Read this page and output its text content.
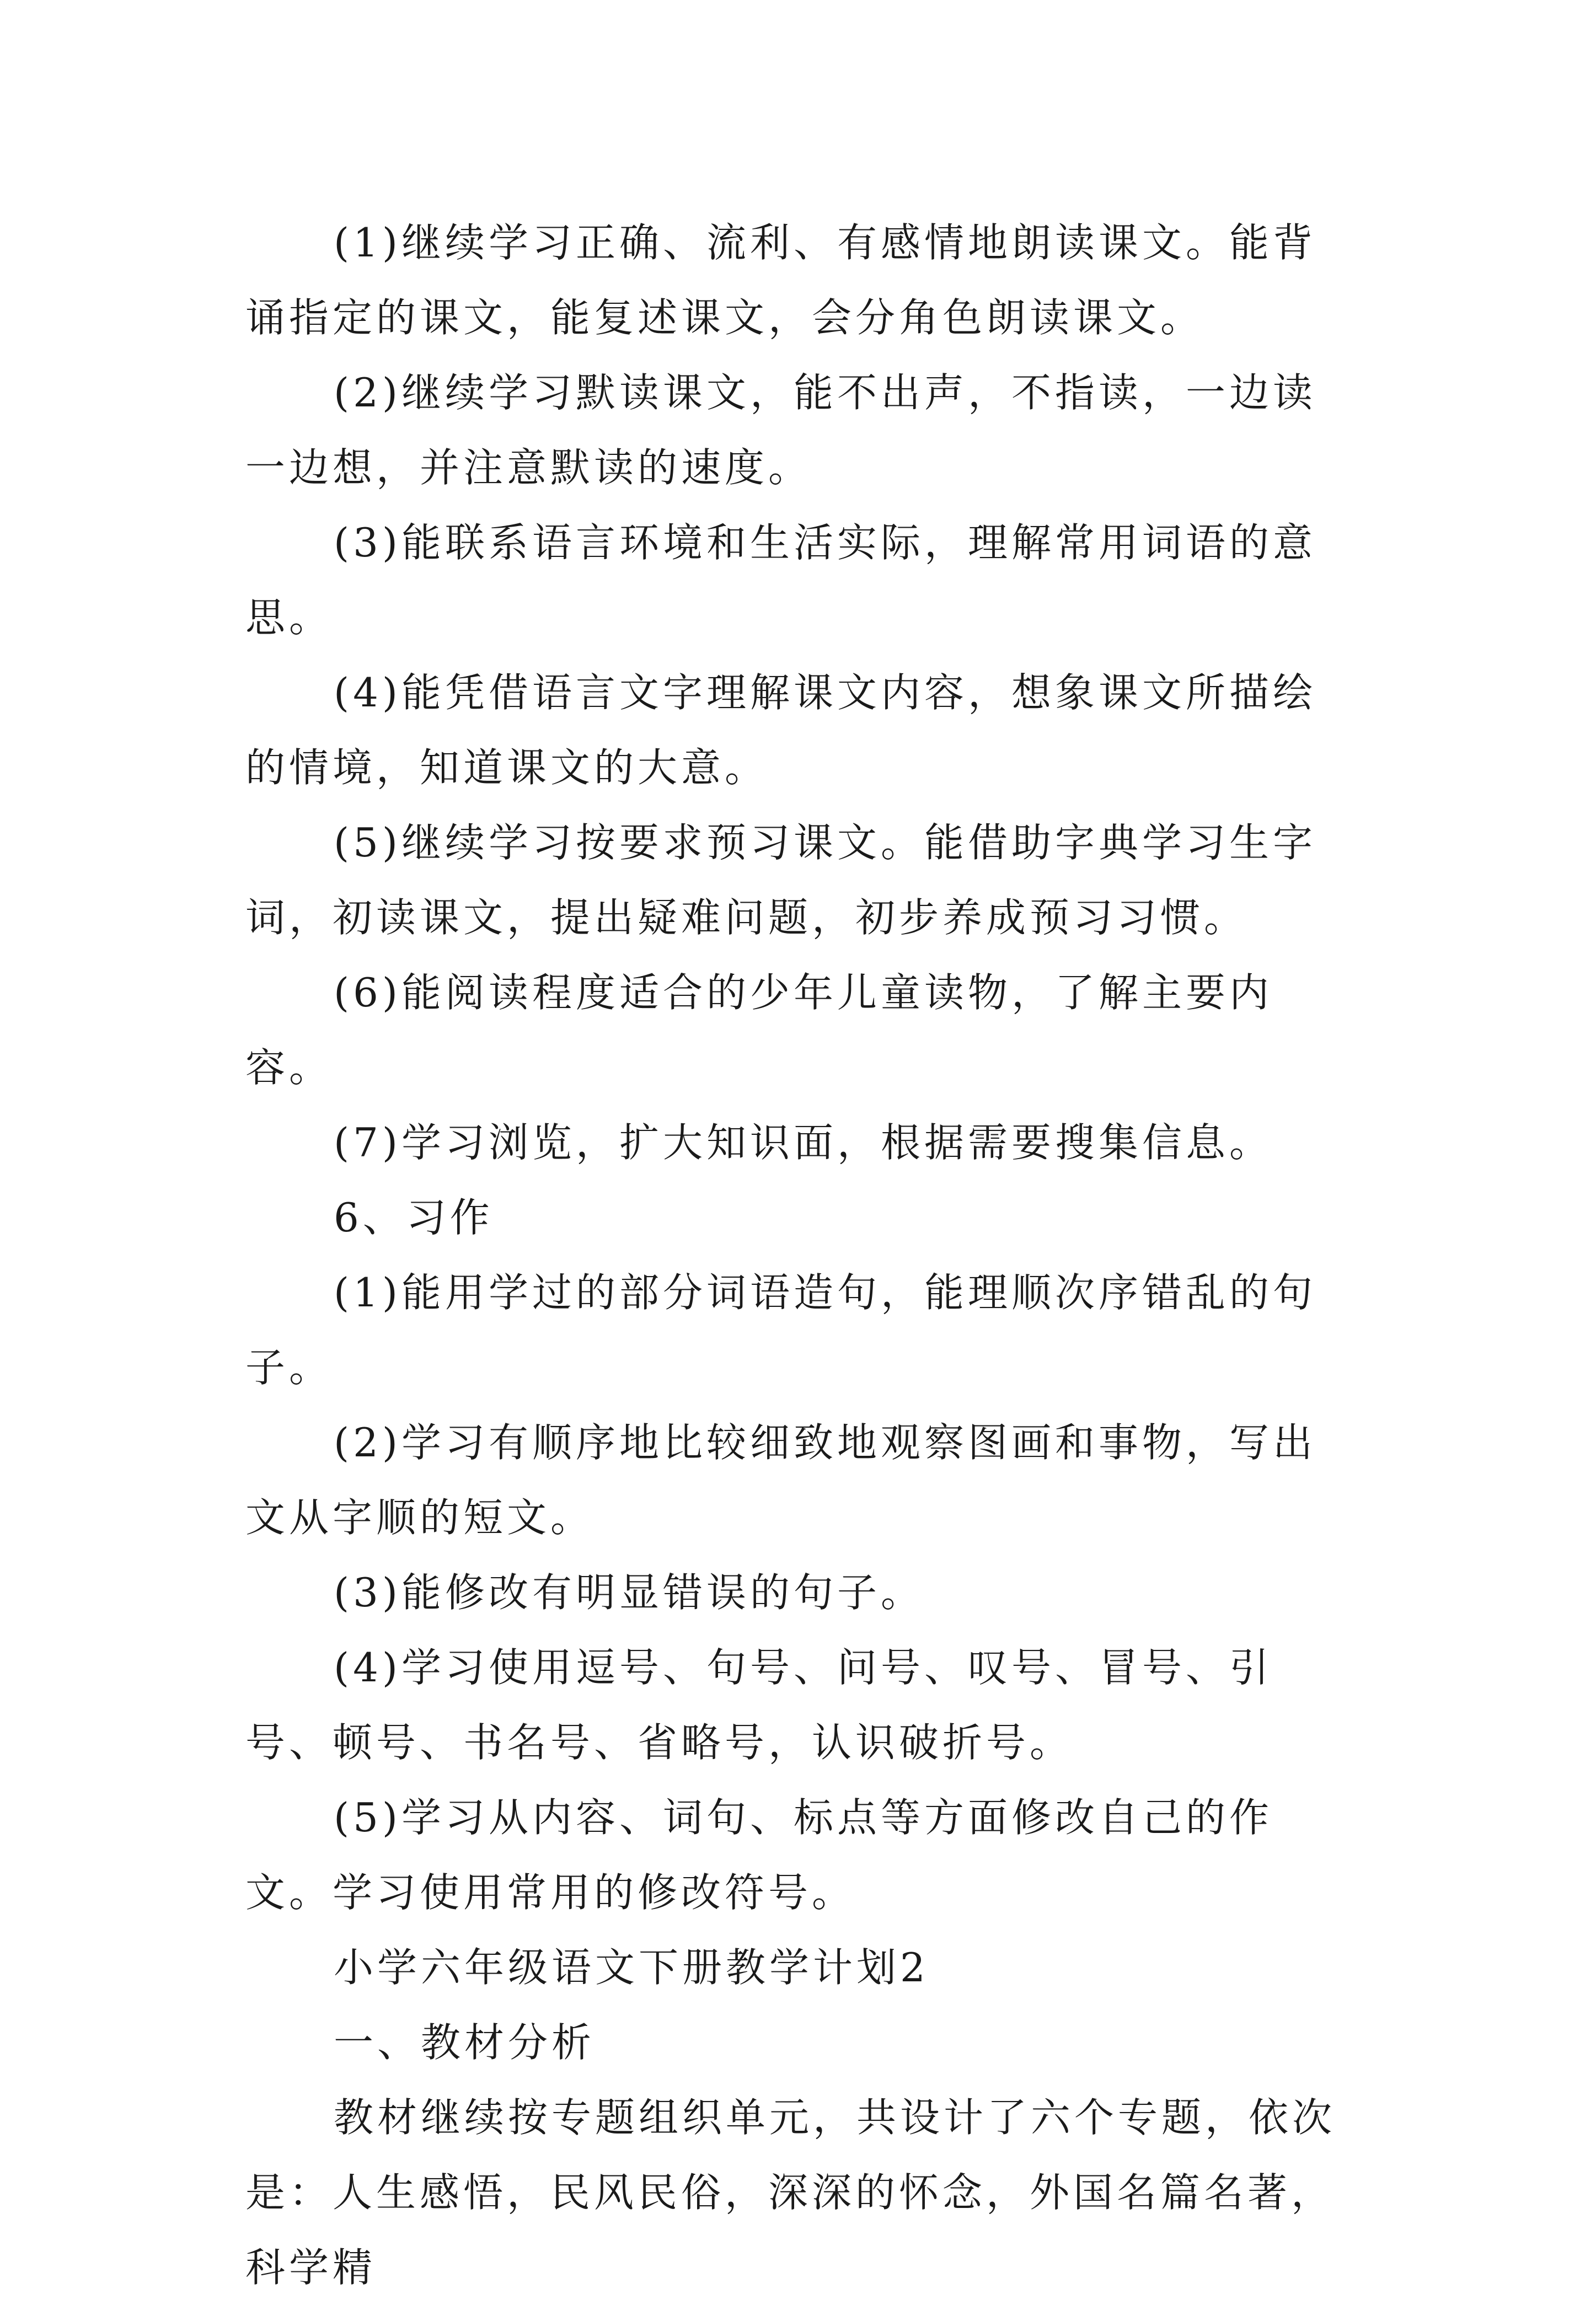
(1)继续学习正确、流利、有感情地朗读课文。能背诵指定的课文，能复述课文，会分角色朗读课文。

(2)继续学习默读课文，能不出声，不指读，一边读一边想，并注意默读的速度。

(3)能联系语言环境和生活实际，理解常用词语的意思。

(4)能凭借语言文字理解课文内容，想象课文所描绘的情境，知道课文的大意。

(5)继续学习按要求预习课文。能借助字典学习生字词，初读课文，提出疑难问题，初步养成预习习惯。

(6)能阅读程度适合的少年儿童读物，了解主要内容。

(7)学习浏览，扩大知识面，根据需要搜集信息。

6、习作

(1)能用学过的部分词语造句，能理顺次序错乱的句子。

(2)学习有顺序地比较细致地观察图画和事物，写出文从字顺的短文。

(3)能修改有明显错误的句子。

(4)学习使用逗号、句号、问号、叹号、冒号、引号、顿号、书名号、省略号，认识破折号。

(5)学习从内容、词句、标点等方面修改自己的作文。学习使用常用的修改符号。

小学六年级语文下册教学计划2

一、教材分析

教材继续按专题组织单元，共设计了六个专题，依次是：人生感悟，民风民俗，深深的怀念，外国名篇名著，科学精
